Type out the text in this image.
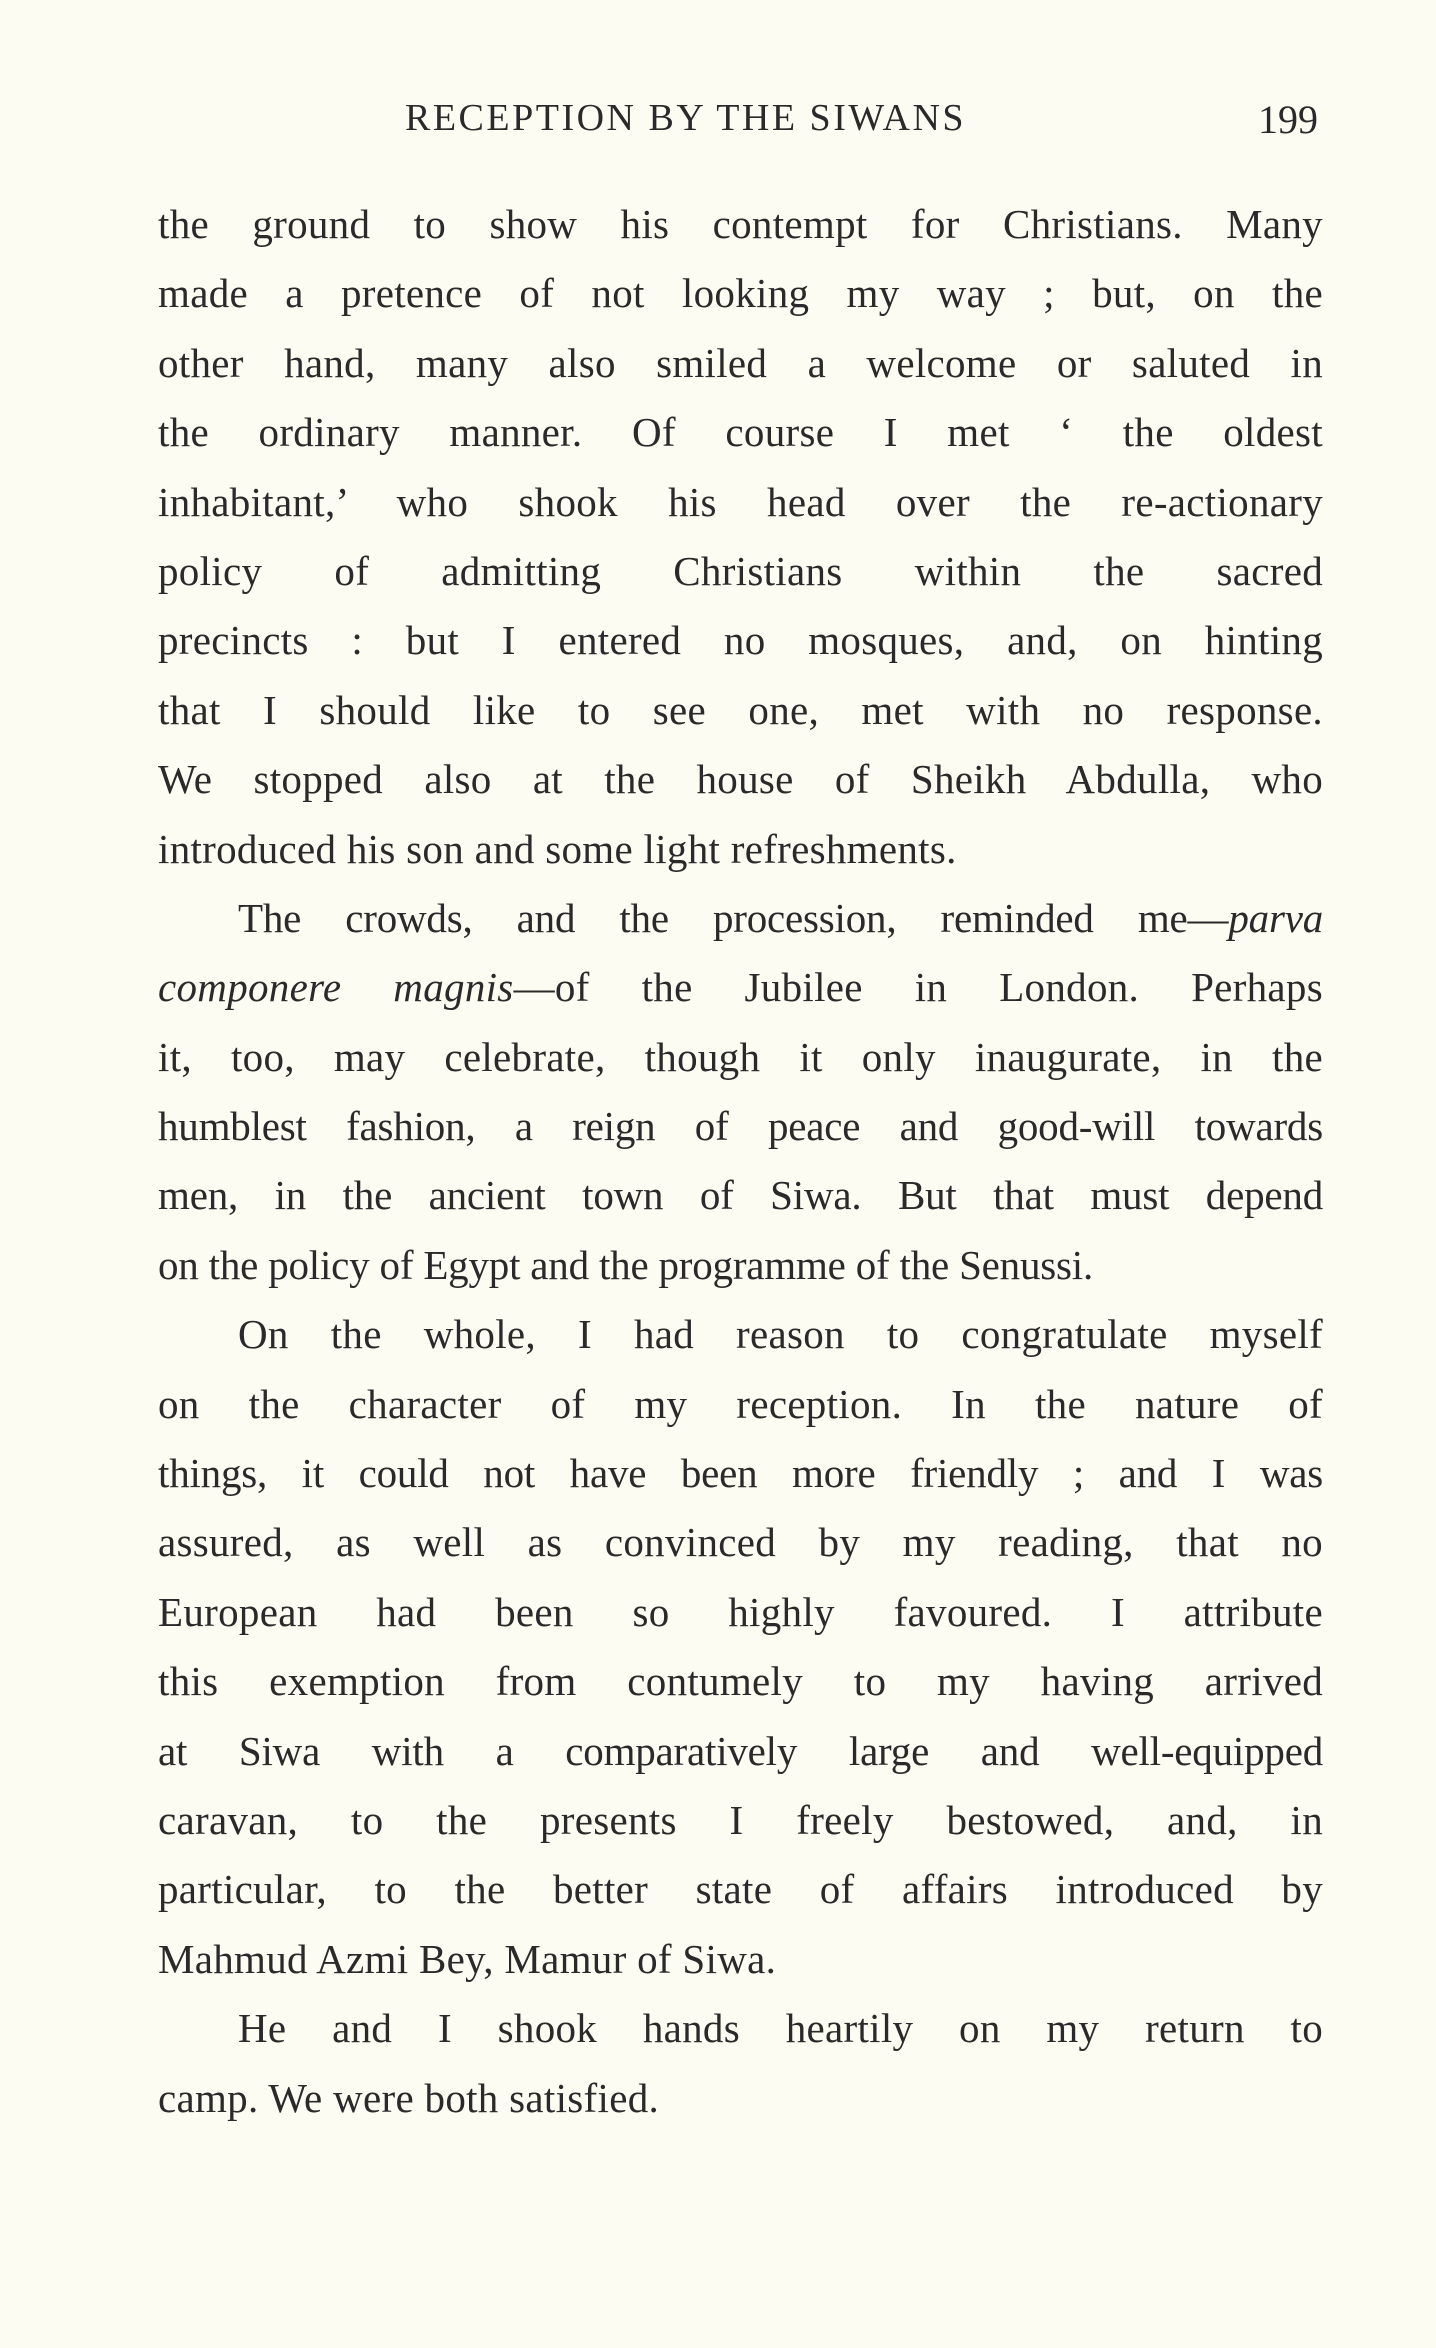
RECEPTION BY THE SIWANS	199
the ground to show his contempt for Christians. Many
made a pretence of not looking my way ; but, on the
other hand, many also smiled a welcome or saluted in
the ordinary manner. Of course I met ‘ the oldest
inhabitant,’ who shook his head over the re-actionary
policy of admitting Christians within the sacred
precincts : but I entered no mosques, and, on hinting
that I should like to see one, met with no response.
We stopped also at the house of Sheikh Abdulla, who
introduced his son and some light refreshments.
The crowds, and the procession, reminded me—parva
componere magnis—of the Jubilee in London. Perhaps
it, too, may celebrate, though it only inaugurate, in the
humblest fashion, a reign of peace and good-will towards
men, in the ancient town of Siwa. But that must depend
on the policy of Egypt and the programme of the Senussi.
On the whole, I had reason to congratulate myself
on the character of my reception. In the nature of
things, it could not have been more friendly ; and I was
assured, as well as convinced by my reading, that no
European had been so highly favoured. I attribute
this exemption from contumely to my having arrived
at Siwa with a comparatively large and well-equipped
caravan, to the presents I freely bestowed, and, in
particular, to the better state of affairs introduced by
Mahmud Azmi Bey, Mamur of Siwa.
He and I shook hands heartily on my return to
camp. We were both satisfied.
